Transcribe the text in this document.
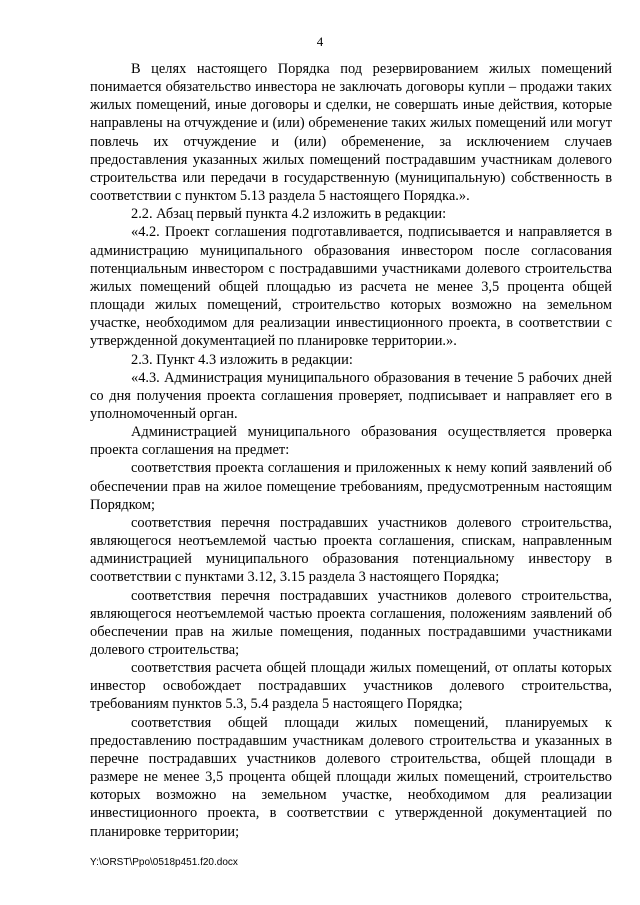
4

В целях настоящего Порядка под резервированием жилых помещений понимается обязательство инвестора не заключать договоры купли – продажи таких жилых помещений, иные договоры и сделки, не совершать иные действия, которые направлены на отчуждение и (или) обременение таких жилых помещений или могут повлечь их отчуждение и (или) обременение, за исключением случаев предоставления указанных жилых помещений пострадавшим участникам долевого строительства или передачи в государственную (муниципальную) собственность в соответствии с пунктом 5.13 раздела 5 настоящего Порядка.».

2.2. Абзац первый пункта 4.2 изложить в редакции:

«4.2. Проект соглашения подготавливается, подписывается и направляется в администрацию муниципального образования инвестором после согласования потенциальным инвестором с пострадавшими участниками долевого строительства жилых помещений общей площадью из расчета не менее 3,5 процента общей площади жилых помещений, строительство которых возможно на земельном участке, необходимом для реализации инвестиционного проекта, в соответствии с утвержденной документацией по планировке территории.».

2.3. Пункт 4.3 изложить в редакции:

«4.3. Администрация муниципального образования в течение 5 рабочих дней со дня получения проекта соглашения проверяет, подписывает и направляет его в уполномоченный орган.

Администрацией муниципального образования осуществляется проверка проекта соглашения на предмет:

соответствия проекта соглашения и приложенных к нему копий заявлений об обеспечении прав на жилое помещение требованиям, предусмотренным настоящим Порядком;

соответствия перечня пострадавших участников долевого строительства, являющегося неотъемлемой частью проекта соглашения, спискам, направленным администрацией муниципального образования потенциальному инвестору в соответствии с пунктами 3.12, 3.15 раздела 3 настоящего Порядка;

соответствия перечня пострадавших участников долевого строительства, являющегося неотъемлемой частью проекта соглашения, положениям заявлений об обеспечении прав на жилые помещения, поданных пострадавшими участниками долевого строительства;

соответствия расчета общей площади жилых помещений, от оплаты которых инвестор освобождает пострадавших участников долевого строительства, требованиям пунктов 5.3, 5.4 раздела 5 настоящего Порядка;

соответствия общей площади жилых помещений, планируемых к предоставлению пострадавшим участникам долевого строительства и указанных в перечне пострадавших участников долевого строительства, общей площади в размере не менее 3,5 процента общей площади жилых помещений, строительство которых возможно на земельном участке, необходимом для реализации инвестиционного проекта, в соответствии с утвержденной документацией по планировке территории;

Y:\ORST\Ppo\0518p451.f20.docx
